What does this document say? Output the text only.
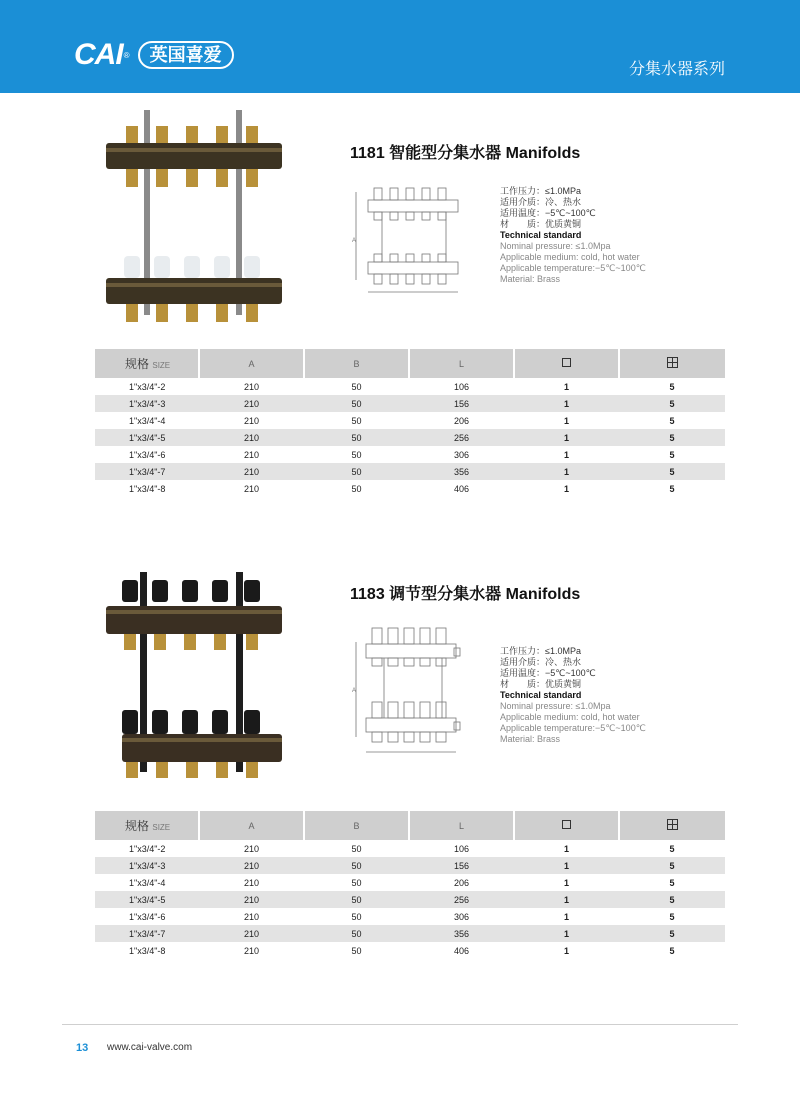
CAI ®	英国喜爱
分集水器系列
1181 智能型分集水器 Manifolds
A
工作压力：≤1.0MPa
适用介质：冷、热水
适用温度：−5℃~100℃
材　　质：优质黄铜
Technical standard
Nominal pressure: ≤1.0Mpa
Applicable medium: cold, hot water
Applicable temperature:−5℃~100℃
Material: Brass
规格 SIZE	A	B	L		
1"x3/4"-2	210	50	106	1	5
1"x3/4"-3	210	50	156	1	5
1"x3/4"-4	210	50	206	1	5
1"x3/4"-5	210	50	256	1	5
1"x3/4"-6	210	50	306	1	5
1"x3/4"-7	210	50	356	1	5
1"x3/4"-8	210	50	406	1	5
1183 调节型分集水器 Manifolds
A
工作压力：≤1.0MPa
适用介质：冷、热水
适用温度：−5℃~100℃
材　　质：优质黄铜
Technical standard
Nominal pressure: ≤1.0Mpa
Applicable medium: cold, hot water
Applicable temperature:−5℃~100℃
Material: Brass
规格 SIZE	A	B	L		
1"x3/4"-2	210	50	106	1	5
1"x3/4"-3	210	50	156	1	5
1"x3/4"-4	210	50	206	1	5
1"x3/4"-5	210	50	256	1	5
1"x3/4"-6	210	50	306	1	5
1"x3/4"-7	210	50	356	1	5
1"x3/4"-8	210	50	406	1	5
13 www.cai-valve.com
